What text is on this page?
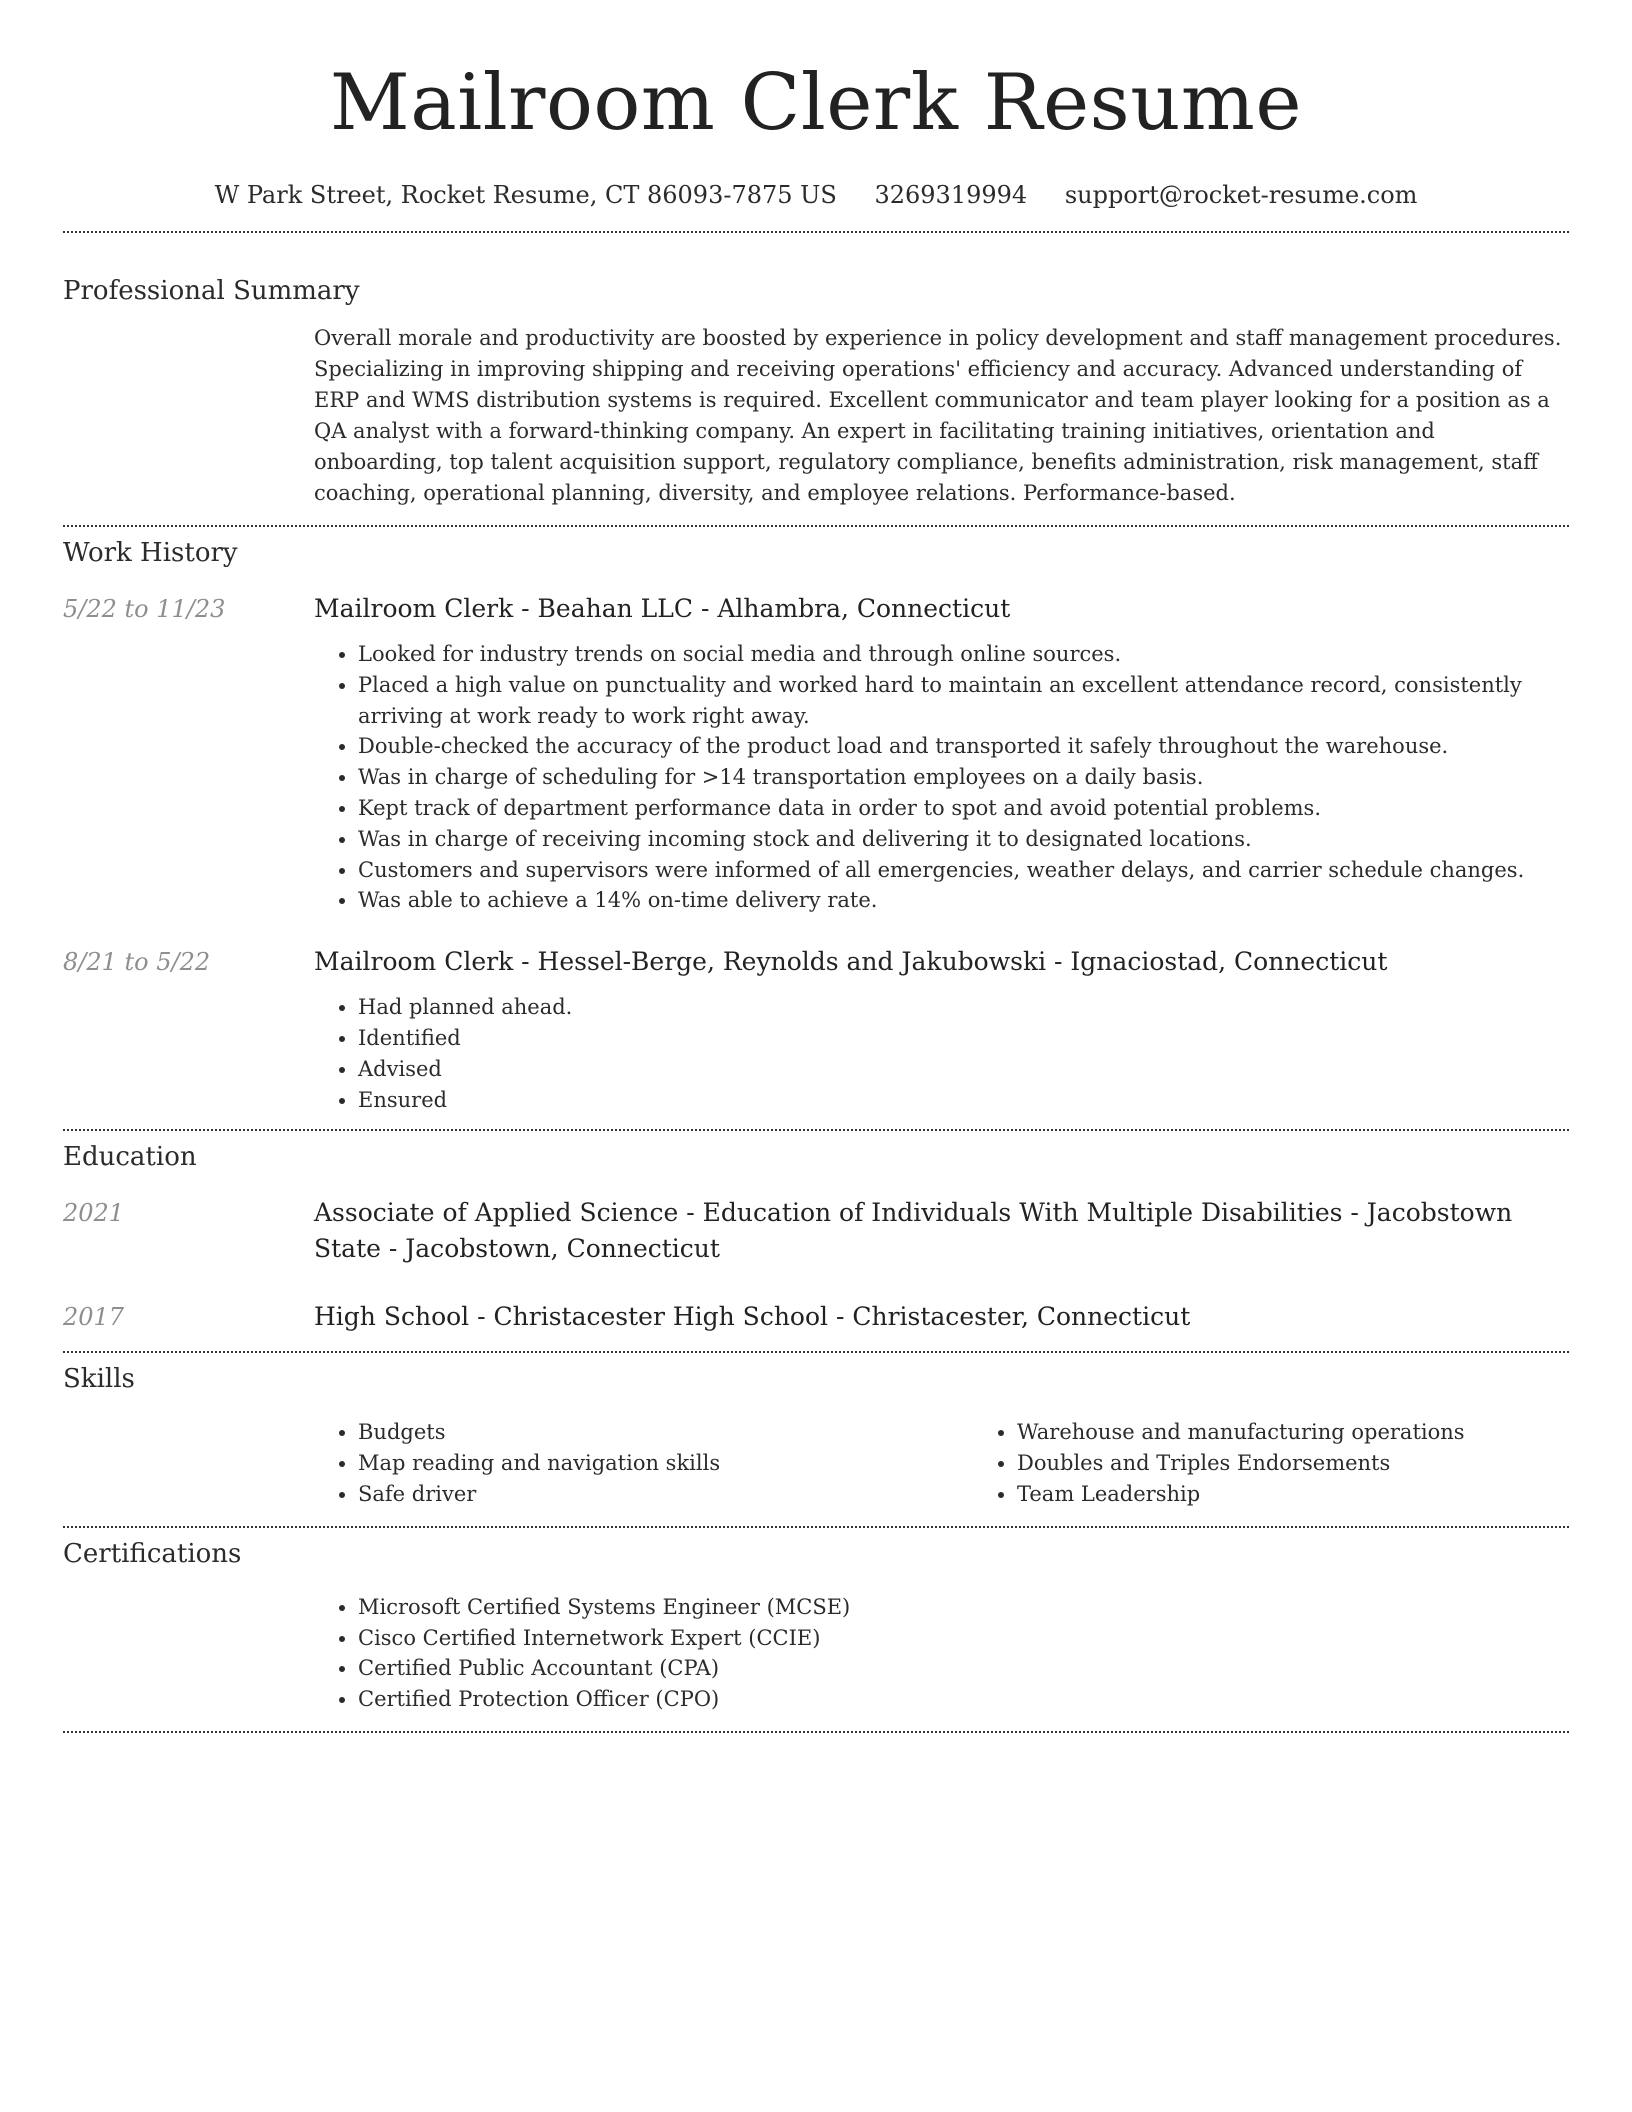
Mailroom Clerk Resume
W Park Street, Rocket Resume, CT 86093-7875 US 3269319994 support@rocket-resume.com
Professional Summary

Overall morale and productivity are boosted by experience in policy development and staff management procedures. Specializing in improving shipping and receiving operations' efficiency and accuracy. Advanced understanding of ERP and WMS distribution systems is required. Excellent communicator and team player looking for a position as a QA analyst with a forward-thinking company. An expert in facilitating training initiatives, orientation and onboarding, top talent acquisition support, regulatory compliance, benefits administration, risk management, staff coaching, operational planning, diversity, and employee relations. Performance-based.

Work History
5/22 to 11/23	Mailroom Clerk - Beahan LLC - Alhambra, Connecticut
• Looked for industry trends on social media and through online sources.
• Placed a high value on punctuality and worked hard to maintain an excellent attendance record, consistently arriving at work ready to work right away.
• Double-checked the accuracy of the product load and transported it safely throughout the warehouse.
• Was in charge of scheduling for >14 transportation employees on a daily basis.
• Kept track of department performance data in order to spot and avoid potential problems.
• Was in charge of receiving incoming stock and delivering it to designated locations.
• Customers and supervisors were informed of all emergencies, weather delays, and carrier schedule changes.
• Was able to achieve a 14% on-time delivery rate.
8/21 to 5/22	Mailroom Clerk - Hessel-Berge, Reynolds and Jakubowski - Ignaciostad, Connecticut
• Had planned ahead.
• Identified
• Advised
• Ensured
Education
2021	Associate of Applied Science - Education of Individuals With Multiple Disabilities - Jacobstown State - Jacobstown, Connecticut
2017	High School - Christacester High School - Christacester, Connecticut
Skills
• Budgets
• Map reading and navigation skills
• Safe driver
• Warehouse and manufacturing operations
• Doubles and Triples Endorsements
• Team Leadership
Certifications
• Microsoft Certified Systems Engineer (MCSE)
• Cisco Certified Internetwork Expert (CCIE)
• Certified Public Accountant (CPA)
• Certified Protection Officer (CPO)
